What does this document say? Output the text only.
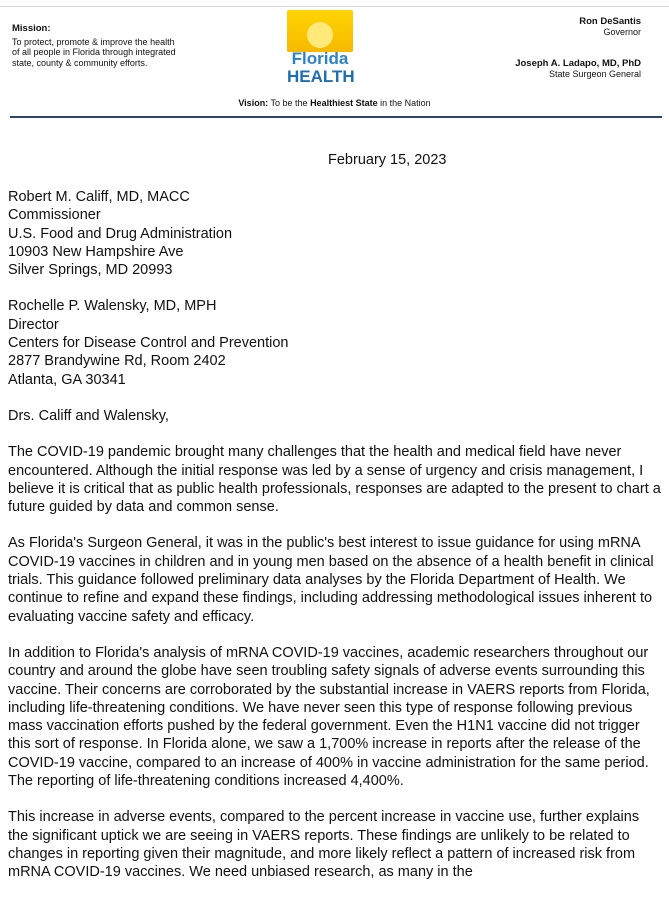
Mission:
To protect, promote & improve the health
of all people in Florida through integrated
state, county & community efforts.	Florida
HEALTH
Ron DeSantis
Governor
Joseph A. Ladapo, MD, PhD
State Surgeon General
Vision: To be the Healthiest State in the Nation
February 15, 2023
Robert M. Califf, MD, MACC
Commissioner
U.S. Food and Drug Administration
10903 New Hampshire Ave
Silver Springs, MD 20993
Rochelle P. Walensky, MD, MPH
Director
Centers for Disease Control and Prevention
2877 Brandywine Rd, Room 2402
Atlanta, GA 30341
Drs. Califf and Walensky,
The COVID-19 pandemic brought many challenges that the health and medical field have never encountered. Although the initial response was led by a sense of urgency and crisis management, I believe it is critical that as public health professionals, responses are adapted to the present to chart a future guided by data and common sense.
As Florida's Surgeon General, it was in the public's best interest to issue guidance for using mRNA COVID-19 vaccines in children and in young men based on the absence of a health benefit in clinical trials. This guidance followed preliminary data analyses by the Florida Department of Health. We continue to refine and expand these findings, including addressing methodological issues inherent to evaluating vaccine safety and efficacy.
In addition to Florida's analysis of mRNA COVID-19 vaccines, academic researchers throughout our country and around the globe have seen troubling safety signals of adverse events surrounding this vaccine. Their concerns are corroborated by the substantial increase in VAERS reports from Florida, including life-threatening conditions. We have never seen this type of response following previous mass vaccination efforts pushed by the federal government. Even the H1N1 vaccine did not trigger this sort of response. In Florida alone, we saw a 1,700% increase in reports after the release of the COVID-19 vaccine, compared to an increase of 400% in vaccine administration for the same period. The reporting of life-threatening conditions increased 4,400%.
This increase in adverse events, compared to the percent increase in vaccine use, further explains the significant uptick we are seeing in VAERS reports. These findings are unlikely to be related to changes in reporting given their magnitude, and more likely reflect a pattern of increased risk from mRNA COVID-19 vaccines. We need unbiased research, as many in the
